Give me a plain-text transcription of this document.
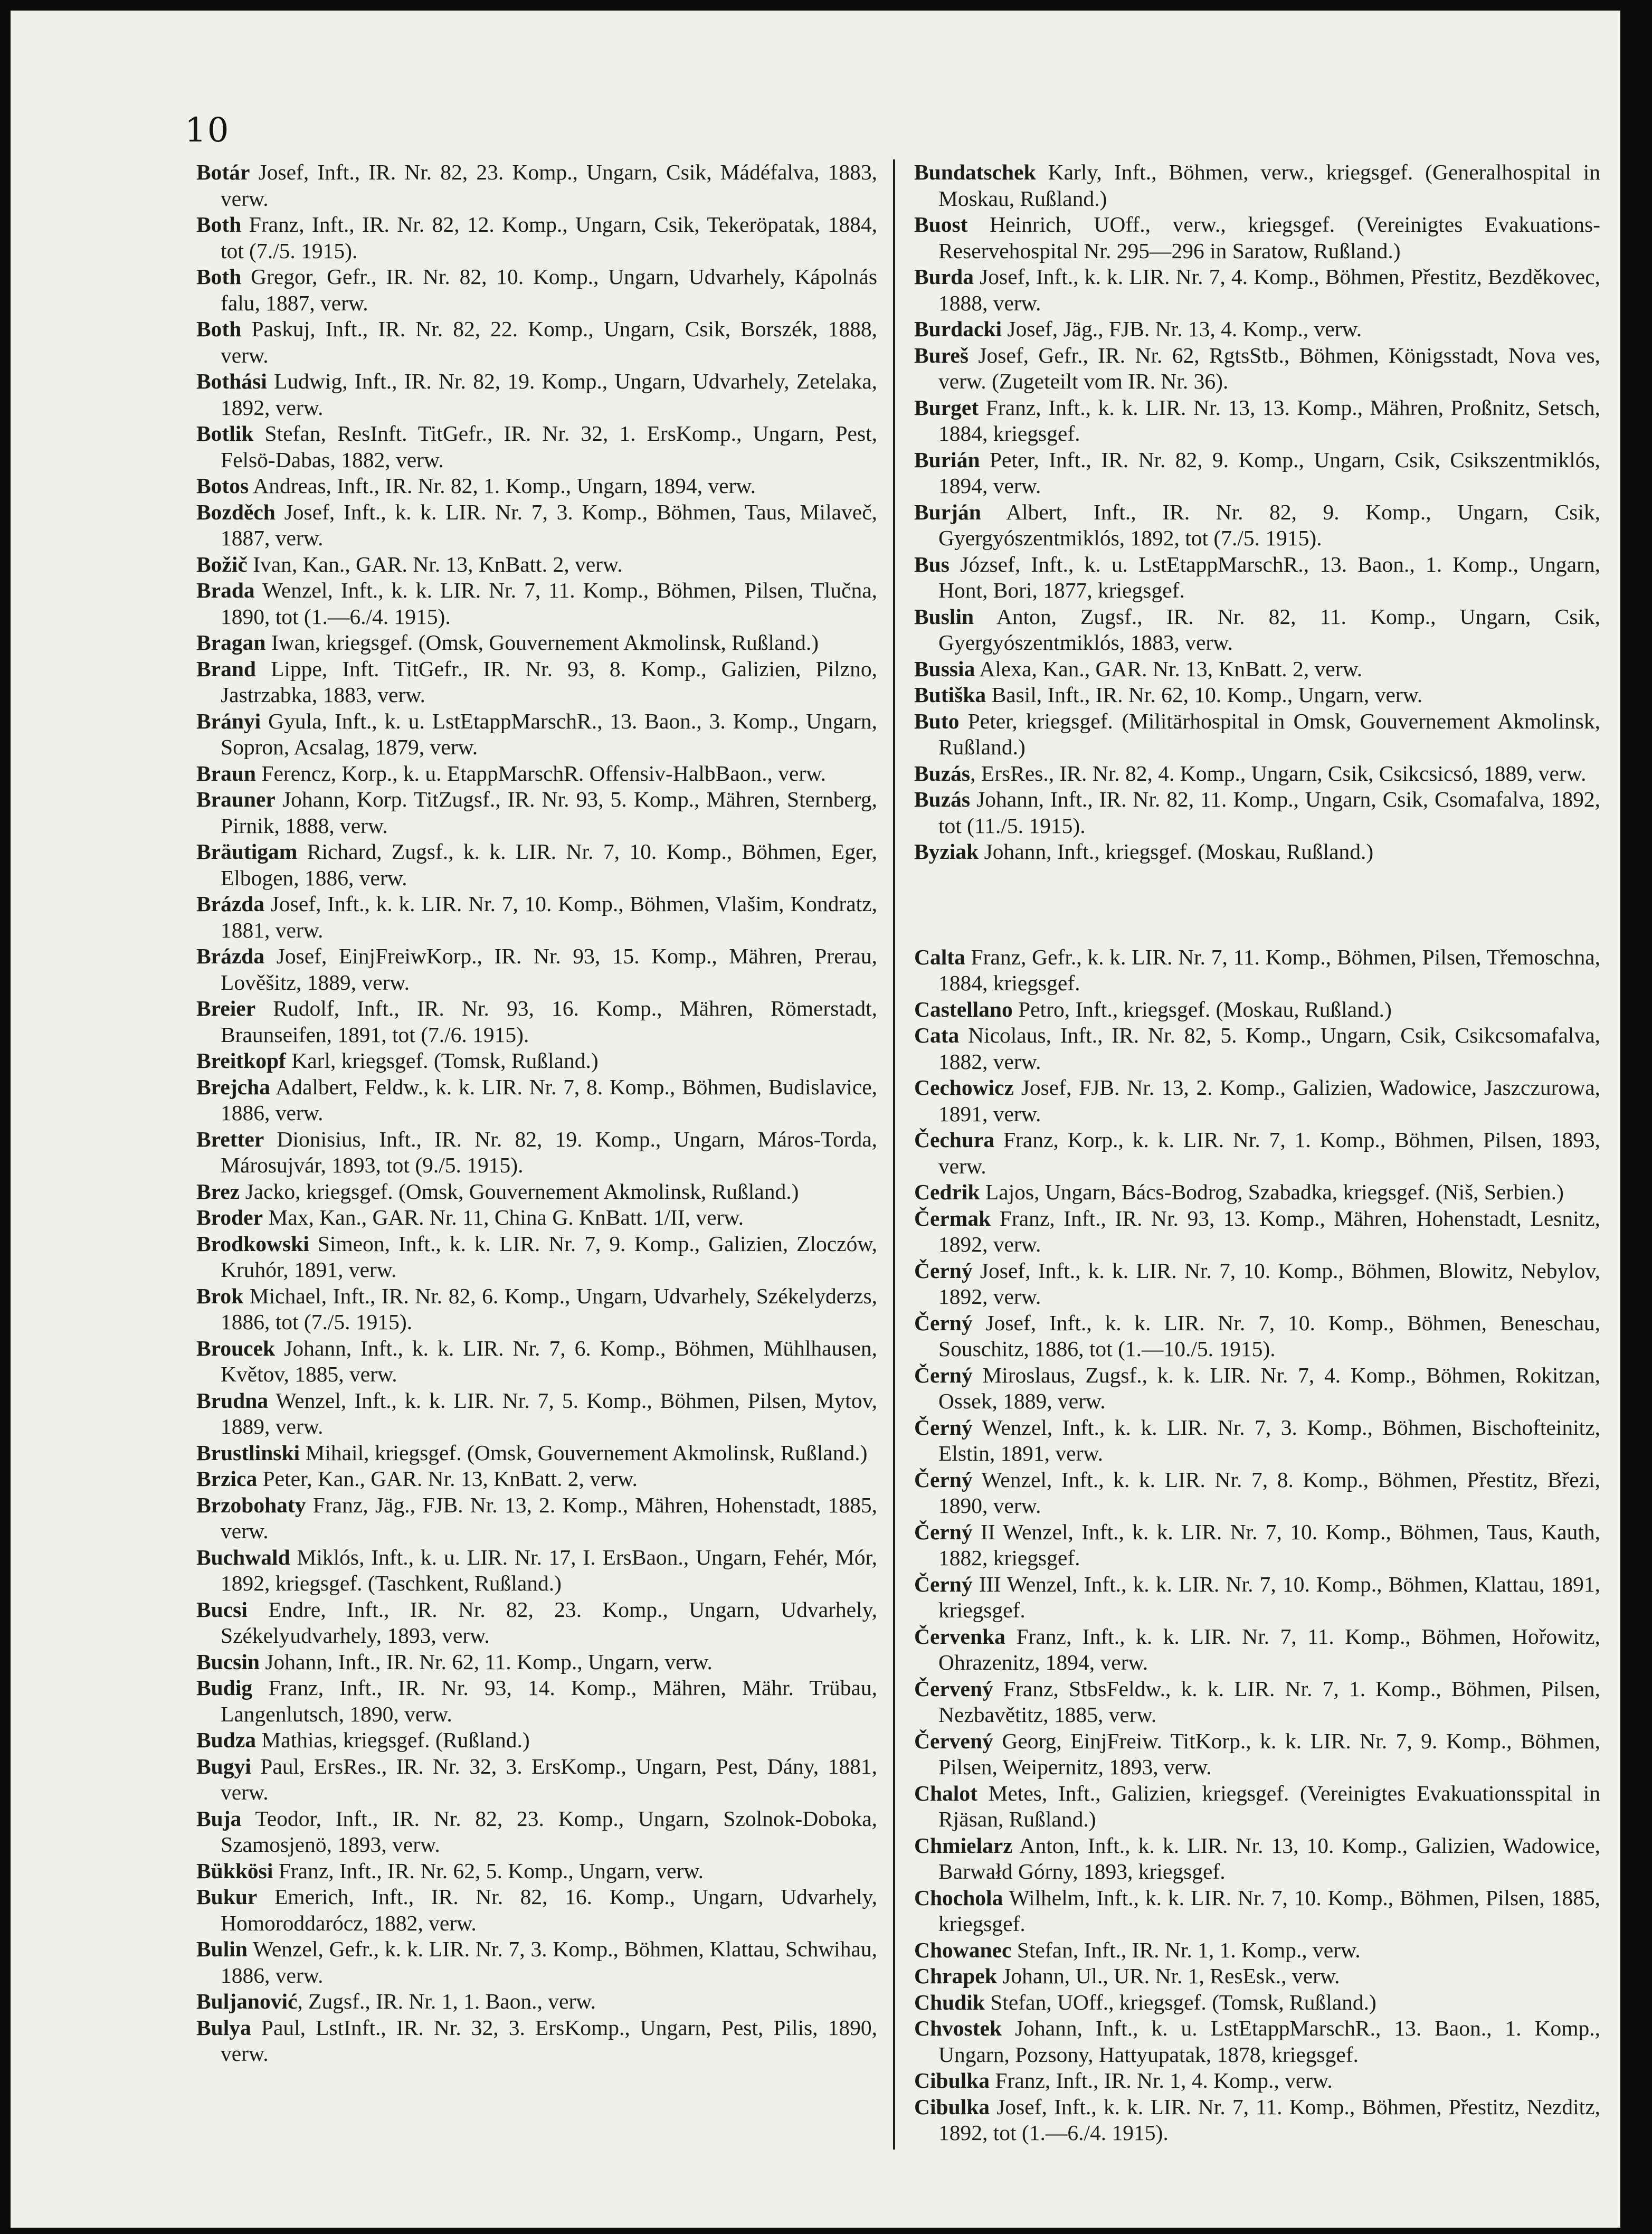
10

Botár Josef, Inft., IR. Nr. 82, 23. Komp., Ungarn, Csik, Mádéfalva, 1883, verw.

Both Franz, Inft., IR. Nr. 82, 12. Komp., Ungarn, Csik, Tekeröpatak, 1884, tot (7./5. 1915).

Both Gregor, Gefr., IR. Nr. 82, 10. Komp., Ungarn, Udvarhely, Kápolnás falu, 1887, verw.

Both Paskuj, Inft., IR. Nr. 82, 22. Komp., Ungarn, Csik, Borszék, 1888, verw.

Bothási Ludwig, Inft., IR. Nr. 82, 19. Komp., Ungarn, Udvarhely, Zetelaka, 1892, verw.

Botlik Stefan, ResInft. TitGefr., IR. Nr. 32, 1. ErsKomp., Ungarn, Pest, Felsö-Dabas, 1882, verw.

Botos Andreas, Inft., IR. Nr. 82, 1. Komp., Ungarn, 1894, verw.

Bozděch Josef, Inft., k. k. LIR. Nr. 7, 3. Komp., Böhmen, Taus, Milaveč, 1887, verw.

Božič Ivan, Kan., GAR. Nr. 13, KnBatt. 2, verw.

Brada Wenzel, Inft., k. k. LIR. Nr. 7, 11. Komp., Böhmen, Pilsen, Tlučna, 1890, tot (1.—6./4. 1915).

Bragan Iwan, kriegsgef. (Omsk, Gouvernement Akmolinsk, Rußland.)

Brand Lippe, Inft. TitGefr., IR. Nr. 93, 8. Komp., Galizien, Pilzno, Jastrzabka, 1883, verw.

Brányi Gyula, Inft., k. u. LstEtappMarschR., 13. Baon., 3. Komp., Ungarn, Sopron, Acsalag, 1879, verw.

Braun Ferencz, Korp., k. u. EtappMarschR. Offensiv-HalbBaon., verw.

Brauner Johann, Korp. TitZugsf., IR. Nr. 93, 5. Komp., Mähren, Sternberg, Pirnik, 1888, verw.

Bräutigam Richard, Zugsf., k. k. LIR. Nr. 7, 10. Komp., Böhmen, Eger, Elbogen, 1886, verw.

Brázda Josef, Inft., k. k. LIR. Nr. 7, 10. Komp., Böhmen, Vlašim, Kondratz, 1881, verw.

Brázda Josef, EinjFreiwKorp., IR. Nr. 93, 15. Komp., Mähren, Prerau, Lověšitz, 1889, verw.

Breier Rudolf, Inft., IR. Nr. 93, 16. Komp., Mähren, Römerstadt, Braunseifen, 1891, tot (7./6. 1915).

Breitkopf Karl, kriegsgef. (Tomsk, Rußland.)

Brejcha Adalbert, Feldw., k. k. LIR. Nr. 7, 8. Komp., Böhmen, Budislavice, 1886, verw.

Bretter Dionisius, Inft., IR. Nr. 82, 19. Komp., Ungarn, Máros-Torda, Márosujvár, 1893, tot (9./5. 1915).

Brez Jacko, kriegsgef. (Omsk, Gouvernement Akmolinsk, Rußland.)

Broder Max, Kan., GAR. Nr. 11, China G. KnBatt. 1/II, verw.

Brodkowski Simeon, Inft., k. k. LIR. Nr. 7, 9. Komp., Galizien, Zloczów, Kruhór, 1891, verw.

Brok Michael, Inft., IR. Nr. 82, 6. Komp., Ungarn, Udvarhely, Székelyderzs, 1886, tot (7./5. 1915).

Broucek Johann, Inft., k. k. LIR. Nr. 7, 6. Komp., Böhmen, Mühlhausen, Květov, 1885, verw.

Brudna Wenzel, Inft., k. k. LIR. Nr. 7, 5. Komp., Böhmen, Pilsen, Mytov, 1889, verw.

Brustlinski Mihail, kriegsgef. (Omsk, Gouvernement Akmolinsk, Rußland.)

Brzica Peter, Kan., GAR. Nr. 13, KnBatt. 2, verw.

Brzobohaty Franz, Jäg., FJB. Nr. 13, 2. Komp., Mähren, Hohenstadt, 1885, verw.

Buchwald Miklós, Inft., k. u. LIR. Nr. 17, I. ErsBaon., Ungarn, Fehér, Mór, 1892, kriegsgef. (Taschkent, Rußland.)

Bucsi Endre, Inft., IR. Nr. 82, 23. Komp., Ungarn, Udvarhely, Székelyudvarhely, 1893, verw.

Bucsin Johann, Inft., IR. Nr. 62, 11. Komp., Ungarn, verw.

Budig Franz, Inft., IR. Nr. 93, 14. Komp., Mähren, Mähr. Trübau, Langenlutsch, 1890, verw.

Budza Mathias, kriegsgef. (Rußland.)

Bugyi Paul, ErsRes., IR. Nr. 32, 3. ErsKomp., Ungarn, Pest, Dány, 1881, verw.

Buja Teodor, Inft., IR. Nr. 82, 23. Komp., Ungarn, Szolnok-Doboka, Szamosjenö, 1893, verw.

Bükkösi Franz, Inft., IR. Nr. 62, 5. Komp., Ungarn, verw.

Bukur Emerich, Inft., IR. Nr. 82, 16. Komp., Ungarn, Udvarhely, Homoroddarócz, 1882, verw.

Bulin Wenzel, Gefr., k. k. LIR. Nr. 7, 3. Komp., Böhmen, Klattau, Schwihau, 1886, verw.

Buljanović, Zugsf., IR. Nr. 1, 1. Baon., verw.

Bulya Paul, LstInft., IR. Nr. 32, 3. ErsKomp., Ungarn, Pest, Pilis, 1890, verw.

Bundatschek Karly, Inft., Böhmen, verw., kriegsgef. (Generalhospital in Moskau, Rußland.)

Buost Heinrich, UOff., verw., kriegsgef. (Vereinigtes Evakuations-Reservehospital Nr. 295—296 in Saratow, Rußland.)

Burda Josef, Inft., k. k. LIR. Nr. 7, 4. Komp., Böhmen, Přestitz, Bezděkovec, 1888, verw.

Burdacki Josef, Jäg., FJB. Nr. 13, 4. Komp., verw.

Bureš Josef, Gefr., IR. Nr. 62, RgtsStb., Böhmen, Königsstadt, Nova ves, verw. (Zugeteilt vom IR. Nr. 36).

Burget Franz, Inft., k. k. LIR. Nr. 13, 13. Komp., Mähren, Proßnitz, Setsch, 1884, kriegsgef.

Burián Peter, Inft., IR. Nr. 82, 9. Komp., Ungarn, Csik, Csikszentmiklós, 1894, verw.

Burján Albert, Inft., IR. Nr. 82, 9. Komp., Ungarn, Csik, Gyergyószentmiklós, 1892, tot (7./5. 1915).

Bus József, Inft., k. u. LstEtappMarschR., 13. Baon., 1. Komp., Ungarn, Hont, Bori, 1877, kriegsgef.

Buslin Anton, Zugsf., IR. Nr. 82, 11. Komp., Ungarn, Csik, Gyergyószentmiklós, 1883, verw.

Bussia Alexa, Kan., GAR. Nr. 13, KnBatt. 2, verw.

Butiška Basil, Inft., IR. Nr. 62, 10. Komp., Ungarn, verw.

Buto Peter, kriegsgef. (Militärhospital in Omsk, Gouvernement Akmolinsk, Rußland.)

Buzás, ErsRes., IR. Nr. 82, 4. Komp., Ungarn, Csik, Csikcsicsó, 1889, verw.

Buzás Johann, Inft., IR. Nr. 82, 11. Komp., Ungarn, Csik, Csomafalva, 1892, tot (11./5. 1915).

Byziak Johann, Inft., kriegsgef. (Moskau, Rußland.)

Calta Franz, Gefr., k. k. LIR. Nr. 7, 11. Komp., Böhmen, Pilsen, Třemoschna, 1884, kriegsgef.

Castellano Petro, Inft., kriegsgef. (Moskau, Rußland.)

Cata Nicolaus, Inft., IR. Nr. 82, 5. Komp., Ungarn, Csik, Csikcsomafalva, 1882, verw.

Cechowicz Josef, FJB. Nr. 13, 2. Komp., Galizien, Wadowice, Jaszczurowa, 1891, verw.

Čechura Franz, Korp., k. k. LIR. Nr. 7, 1. Komp., Böhmen, Pilsen, 1893, verw.

Cedrik Lajos, Ungarn, Bács-Bodrog, Szabadka, kriegsgef. (Niš, Serbien.)

Čermak Franz, Inft., IR. Nr. 93, 13. Komp., Mähren, Hohenstadt, Lesnitz, 1892, verw.

Černý Josef, Inft., k. k. LIR. Nr. 7, 10. Komp., Böhmen, Blowitz, Nebylov, 1892, verw.

Černý Josef, Inft., k. k. LIR. Nr. 7, 10. Komp., Böhmen, Beneschau, Souschitz, 1886, tot (1.—10./5. 1915).

Černý Miroslaus, Zugsf., k. k. LIR. Nr. 7, 4. Komp., Böhmen, Rokitzan, Ossek, 1889, verw.

Černý Wenzel, Inft., k. k. LIR. Nr. 7, 3. Komp., Böhmen, Bischofteinitz, Elstin, 1891, verw.

Černý Wenzel, Inft., k. k. LIR. Nr. 7, 8. Komp., Böhmen, Přestitz, Březi, 1890, verw.

Černý II Wenzel, Inft., k. k. LIR. Nr. 7, 10. Komp., Böhmen, Taus, Kauth, 1882, kriegsgef.

Černý III Wenzel, Inft., k. k. LIR. Nr. 7, 10. Komp., Böhmen, Klattau, 1891, kriegsgef.

Červenka Franz, Inft., k. k. LIR. Nr. 7, 11. Komp., Böhmen, Hořowitz, Ohrazenitz, 1894, verw.

Červený Franz, StbsFeldw., k. k. LIR. Nr. 7, 1. Komp., Böhmen, Pilsen, Nezbavětitz, 1885, verw.

Červený Georg, EinjFreiw. TitKorp., k. k. LIR. Nr. 7, 9. Komp., Böhmen, Pilsen, Weipernitz, 1893, verw.

Chalot Metes, Inft., Galizien, kriegsgef. (Vereinigtes Evakuationsspital in Rjäsan, Rußland.)

Chmielarz Anton, Inft., k. k. LIR. Nr. 13, 10. Komp., Galizien, Wadowice, Barwałd Górny, 1893, kriegsgef.

Chochola Wilhelm, Inft., k. k. LIR. Nr. 7, 10. Komp., Böhmen, Pilsen, 1885, kriegsgef.

Chowanec Stefan, Inft., IR. Nr. 1, 1. Komp., verw.

Chrapek Johann, Ul., UR. Nr. 1, ResEsk., verw.

Chudik Stefan, UOff., kriegsgef. (Tomsk, Rußland.)

Chvostek Johann, Inft., k. u. LstEtappMarschR., 13. Baon., 1. Komp., Ungarn, Pozsony, Hattyupatak, 1878, kriegsgef.

Cibulka Franz, Inft., IR. Nr. 1, 4. Komp., verw.

Cibulka Josef, Inft., k. k. LIR. Nr. 7, 11. Komp., Böhmen, Přestitz, Nezditz, 1892, tot (1.—6./4. 1915).
